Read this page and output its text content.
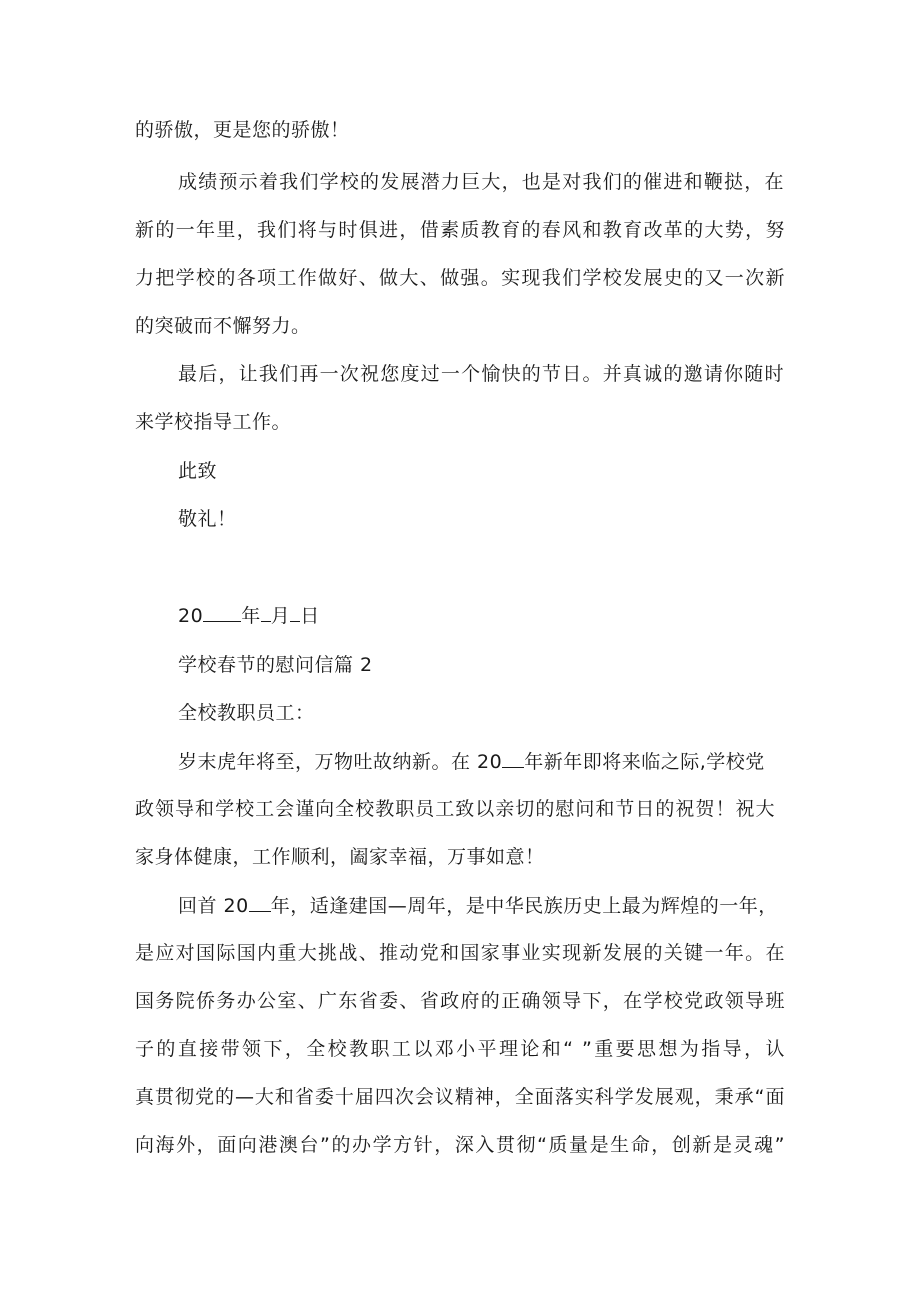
的骄傲，更是您的骄傲！
成绩预示着我们学校的发展潜力巨大，也是对我们的催进和鞭挞，在
新的一年里，我们将与时俱进，借素质教育的春风和教育改革的大势，努
力把学校的各项工作做好、做大、做强。实现我们学校发展史的又一次新
的突破而不懈努力。
最后，让我们再一次祝您度过一个愉快的节日。并真诚的邀请你随时
来学校指导工作。
此致
敬礼！
20 年 月 日
学校春节的慰问信篇 2
全校教职员工：
岁末虎年将至，万物吐故纳新。在 20 年新年即将来临之际,学校党
政领导和学校工会谨向全校教职员工致以亲切的慰问和节日的祝贺！祝大
家身体健康，工作顺利，阖家幸福，万事如意！
回首 20 年，适逢建国—周年，是中华民族历史上最为辉煌的一年，
是应对国际国内重大挑战、推动党和国家事业实现新发展的关键一年。在
国务院侨务办公室、广东省委、省政府的正确领导下，在学校党政领导班
子的直接带领下，全校教职工以邓小平理论和“ ”重要思想为指导，认
真贯彻党的—大和省委十届四次会议精神，全面落实科学发展观，秉承“面
向海外，面向港澳台”的办学方针，深入贯彻“质量是生命，创新是灵魂”
